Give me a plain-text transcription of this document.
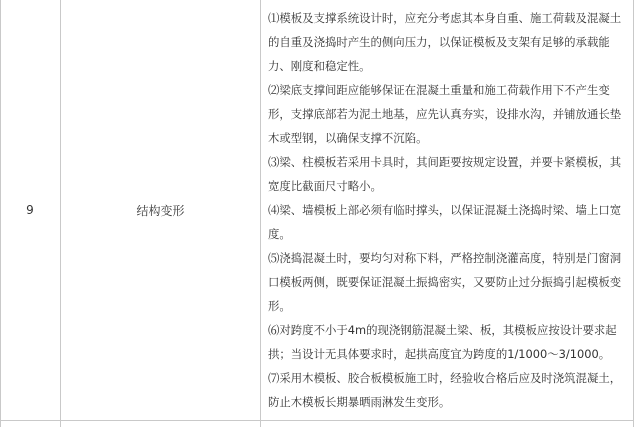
9	结构变形
⑴模板及支撑系统设计时，应充分考虑其本身自重、施工荷载及混凝土
的自重及浇捣时产生的侧向压力，以保证模板及支架有足够的承载能
力、刚度和稳定性。
⑵梁底支撑间距应能够保证在混凝土重量和施工荷载作用下不产生变
形，支撑底部若为泥土地基，应先认真夯实，设排水沟，并铺放通长垫
木或型钢，以确保支撑不沉陷。
⑶梁、柱模板若采用卡具时，其间距要按规定设置，并要卡紧模板，其
宽度比截面尺寸略小。
⑷梁、墙模板上部必须有临时撑头，以保证混凝土浇捣时梁、墙上口宽
度。
⑸浇捣混凝土时，要均匀对称下料，严格控制浇灌高度，特别是门窗洞
口模板两侧，既要保证混凝土振捣密实，又要防止过分振捣引起模板变
形。
⑹对跨度不小于4m的现浇钢筋混凝土梁、板，其模板应按设计要求起
拱；当设计无具体要求时，起拱高度宜为跨度的1/1000～3/1000。
⑺采用木模板、胶合板模板施工时，经验收合格后应及时浇筑混凝土，
防止木模板长期暴晒雨淋发生变形。
